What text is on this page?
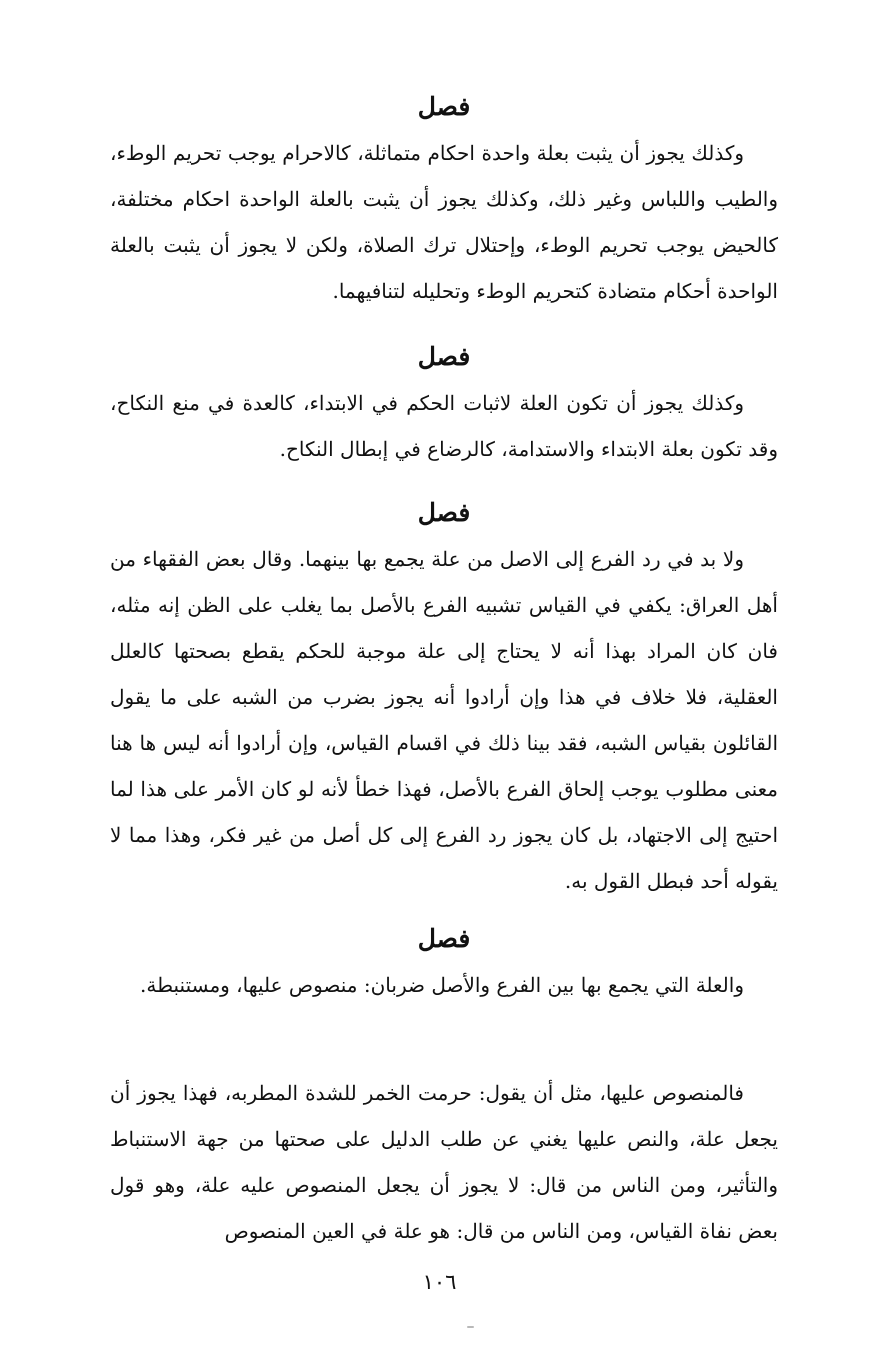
فصل

وكذلك يجوز أن يثبت بعلة واحدة احكام متماثلة، كالاحرام يوجب تحريم الوطء، والطيب واللباس وغير ذلك، وكذلك يجوز أن يثبت بالعلة الواحدة احكام مختلفة، كالحيض يوجب تحريم الوطء، وإحتلال ترك الصلاة، ولكن لا يجوز أن يثبت بالعلة الواحدة أحكام متضادة كتحريم الوطء وتحليله لتنافيهما.

فصل

وكذلك يجوز أن تكون العلة لاثبات الحكم في الابتداء، كالعدة في منع النكاح، وقد تكون بعلة الابتداء والاستدامة، كالرضاع في إبطال النكاح.

فصل

ولا بد في رد الفرع إلى الاصل من علة يجمع بها بينهما. وقال بعض الفقهاء من أهل العراق: يكفي في القياس تشبيه الفرع بالأصل بما يغلب على الظن إنه مثله، فان كان المراد بهذا أنه لا يحتاج إلى علة موجبة للحكم يقطع بصحتها كالعلل العقلية، فلا خلاف في هذا وإن أرادوا أنه يجوز بضرب من الشبه على ما يقول القائلون بقياس الشبه، فقد بينا ذلك في اقسام القياس، وإن أرادوا أنه ليس ها هنا معنى مطلوب يوجب إلحاق الفرع بالأصل، فهذا خطأ لأنه لو كان الأمر على هذا لما احتيج إلى الاجتهاد، بل كان يجوز رد الفرع إلى كل أصل من غير فكر، وهذا مما لا يقوله أحد فبطل القول به.

فصل

والعلة التي يجمع بها بين الفرع والأصل ضربان: منصوص عليها، ومستنبطة.

فالمنصوص عليها، مثل أن يقول: حرمت الخمر للشدة المطربه، فهذا يجوز أن يجعل علة، والنص عليها يغني عن طلب الدليل على صحتها من جهة الاستنباط والتأثير، ومن الناس من قال: لا يجوز أن يجعل المنصوص عليه علة، وهو قول بعض نفاة القياس، ومن الناس من قال: هو علة في العين المنصوص

١٠٦
